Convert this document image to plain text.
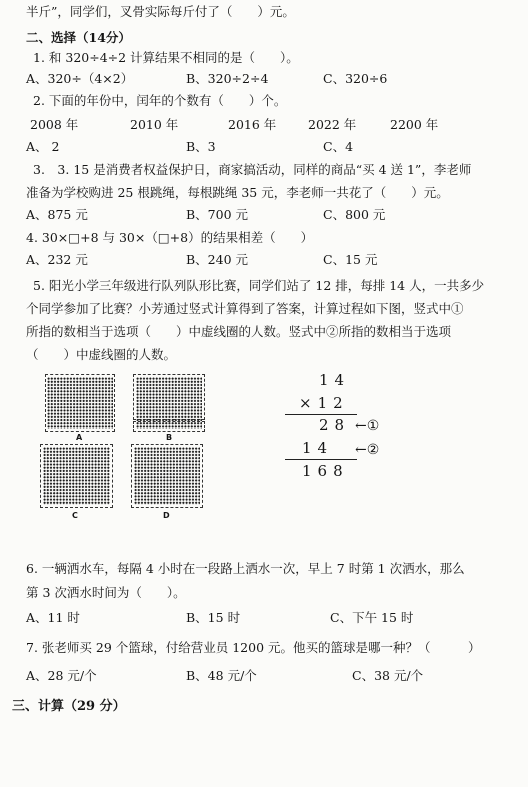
半斤”，同学们，叉骨实际每斤付了（　　）元。
二、选择（14分）
1. 和 320÷4÷2 计算结果不相同的是（　　）。
A、320÷（4×2）	B、320÷2÷4	C、320÷6
2. 下面的年份中，闰年的个数有（　　）个。
2008 年	2010 年	2016 年	2022 年	2200 年
A、 2	B、3	C、4
3.　3. 15 是消费者权益保护日，商家搞活动，同样的商品“买 4 送 1”，李老师
准备为学校购进 25 根跳绳，每根跳绳 35 元，李老师一共花了（　　）元。
A、875 元	B、700 元	C、800 元
4. 30×□+8 与 30×（□+8）的结果相差（　　）
A、232 元	B、240 元	C、15 元
5. 阳光小学三年级进行队列队形比赛，同学们站了 12 排，每排 14 人，一共多少
个同学参加了比赛？小芳通过竖式计算得到了答案，计算过程如下图，竖式中①
所指的数相当于选项（　　）中虚线圈的人数。竖式中②所指的数相当于选项
（　　）中虚线圈的人数。
A	B
C	D
14
×12
28 ←①
14 ←②
168
6. 一辆洒水车，每隔 4 小时在一段路上洒水一次，早上 7 时第 1 次洒水，那么
第 3 次洒水时间为（　　）。
A、11 时	B、15 时	C、下午 15 时
7. 张老师买 29 个篮球，付给营业员 1200 元。他买的篮球是哪一种？（　　　）
A、28 元/个	B、48 元/个	C、38 元/个
三、计算（29 分）
